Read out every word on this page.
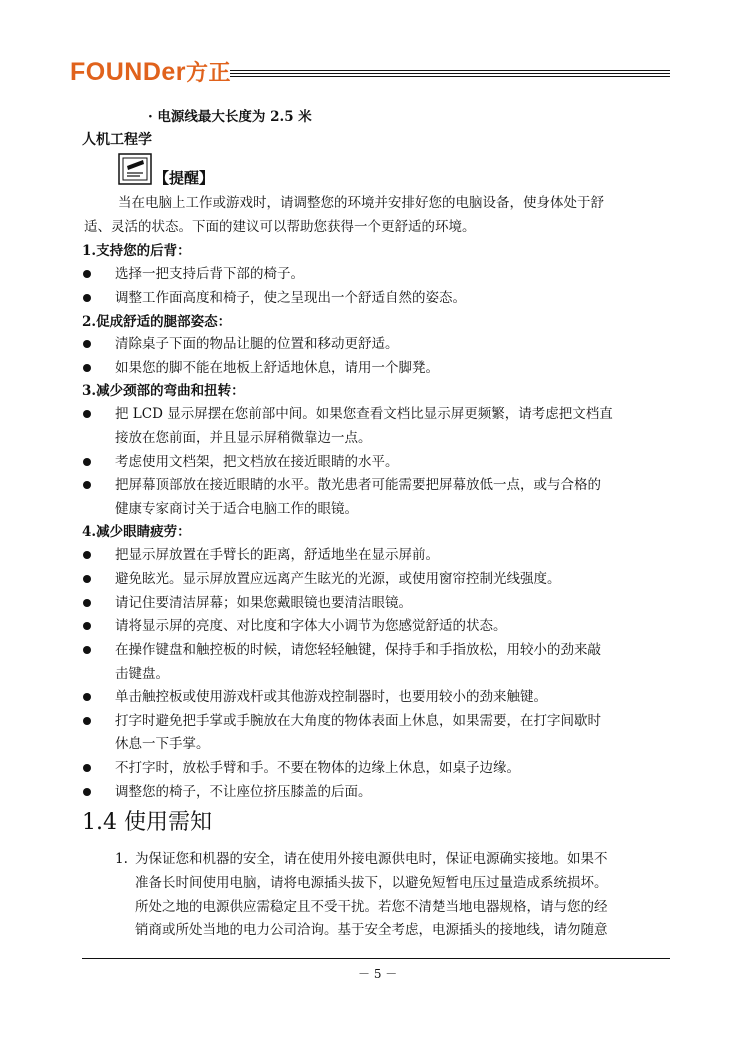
FOUNDer方正
· 电源线最大长度为 2.5 米
人机工程学
【提醒】
当在电脑上工作或游戏时，请调整您的环境并安排好您的电脑设备，使身体处于舒
适、灵活的状态。下面的建议可以帮助您获得一个更舒适的环境。
1.支持您的后背：
选择一把支持后背下部的椅子。
调整工作面高度和椅子，使之呈现出一个舒适自然的姿态。
2.促成舒适的腿部姿态：
清除桌子下面的物品让腿的位置和移动更舒适。
如果您的脚不能在地板上舒适地休息，请用一个脚凳。
3.减少颈部的弯曲和扭转：
把 LCD 显示屏摆在您前部中间。如果您查看文档比显示屏更频繁，请考虑把文档直
接放在您前面，并且显示屏稍微靠边一点。
考虑使用文档架，把文档放在接近眼睛的水平。
把屏幕顶部放在接近眼睛的水平。散光患者可能需要把屏幕放低一点，或与合格的
健康专家商讨关于适合电脑工作的眼镜。
4.减少眼睛疲劳：
把显示屏放置在手臂长的距离，舒适地坐在显示屏前。
避免眩光。显示屏放置应远离产生眩光的光源，或使用窗帘控制光线强度。
请记住要清洁屏幕；如果您戴眼镜也要清洁眼镜。
请将显示屏的亮度、对比度和字体大小调节为您感觉舒适的状态。
在操作键盘和触控板的时候，请您轻轻触键，保持手和手指放松，用较小的劲来敲
击键盘。
单击触控板或使用游戏杆或其他游戏控制器时，也要用较小的劲来触键。
打字时避免把手掌或手腕放在大角度的物体表面上休息，如果需要，在打字间歇时
休息一下手掌。
不打字时，放松手臂和手。不要在物体的边缘上休息，如桌子边缘。
调整您的椅子，不让座位挤压膝盖的后面。
1.4 使用需知
1. 为保证您和机器的安全，请在使用外接电源供电时，保证电源确实接地。如果不
准备长时间使用电脑，请将电源插头拔下，以避免短暂电压过量造成系统损坏。
所处之地的电源供应需稳定且不受干扰。若您不清楚当地电器规格，请与您的经
销商或所处当地的电力公司洽询。基于安全考虑，电源插头的接地线，请勿随意
－ 5 －
